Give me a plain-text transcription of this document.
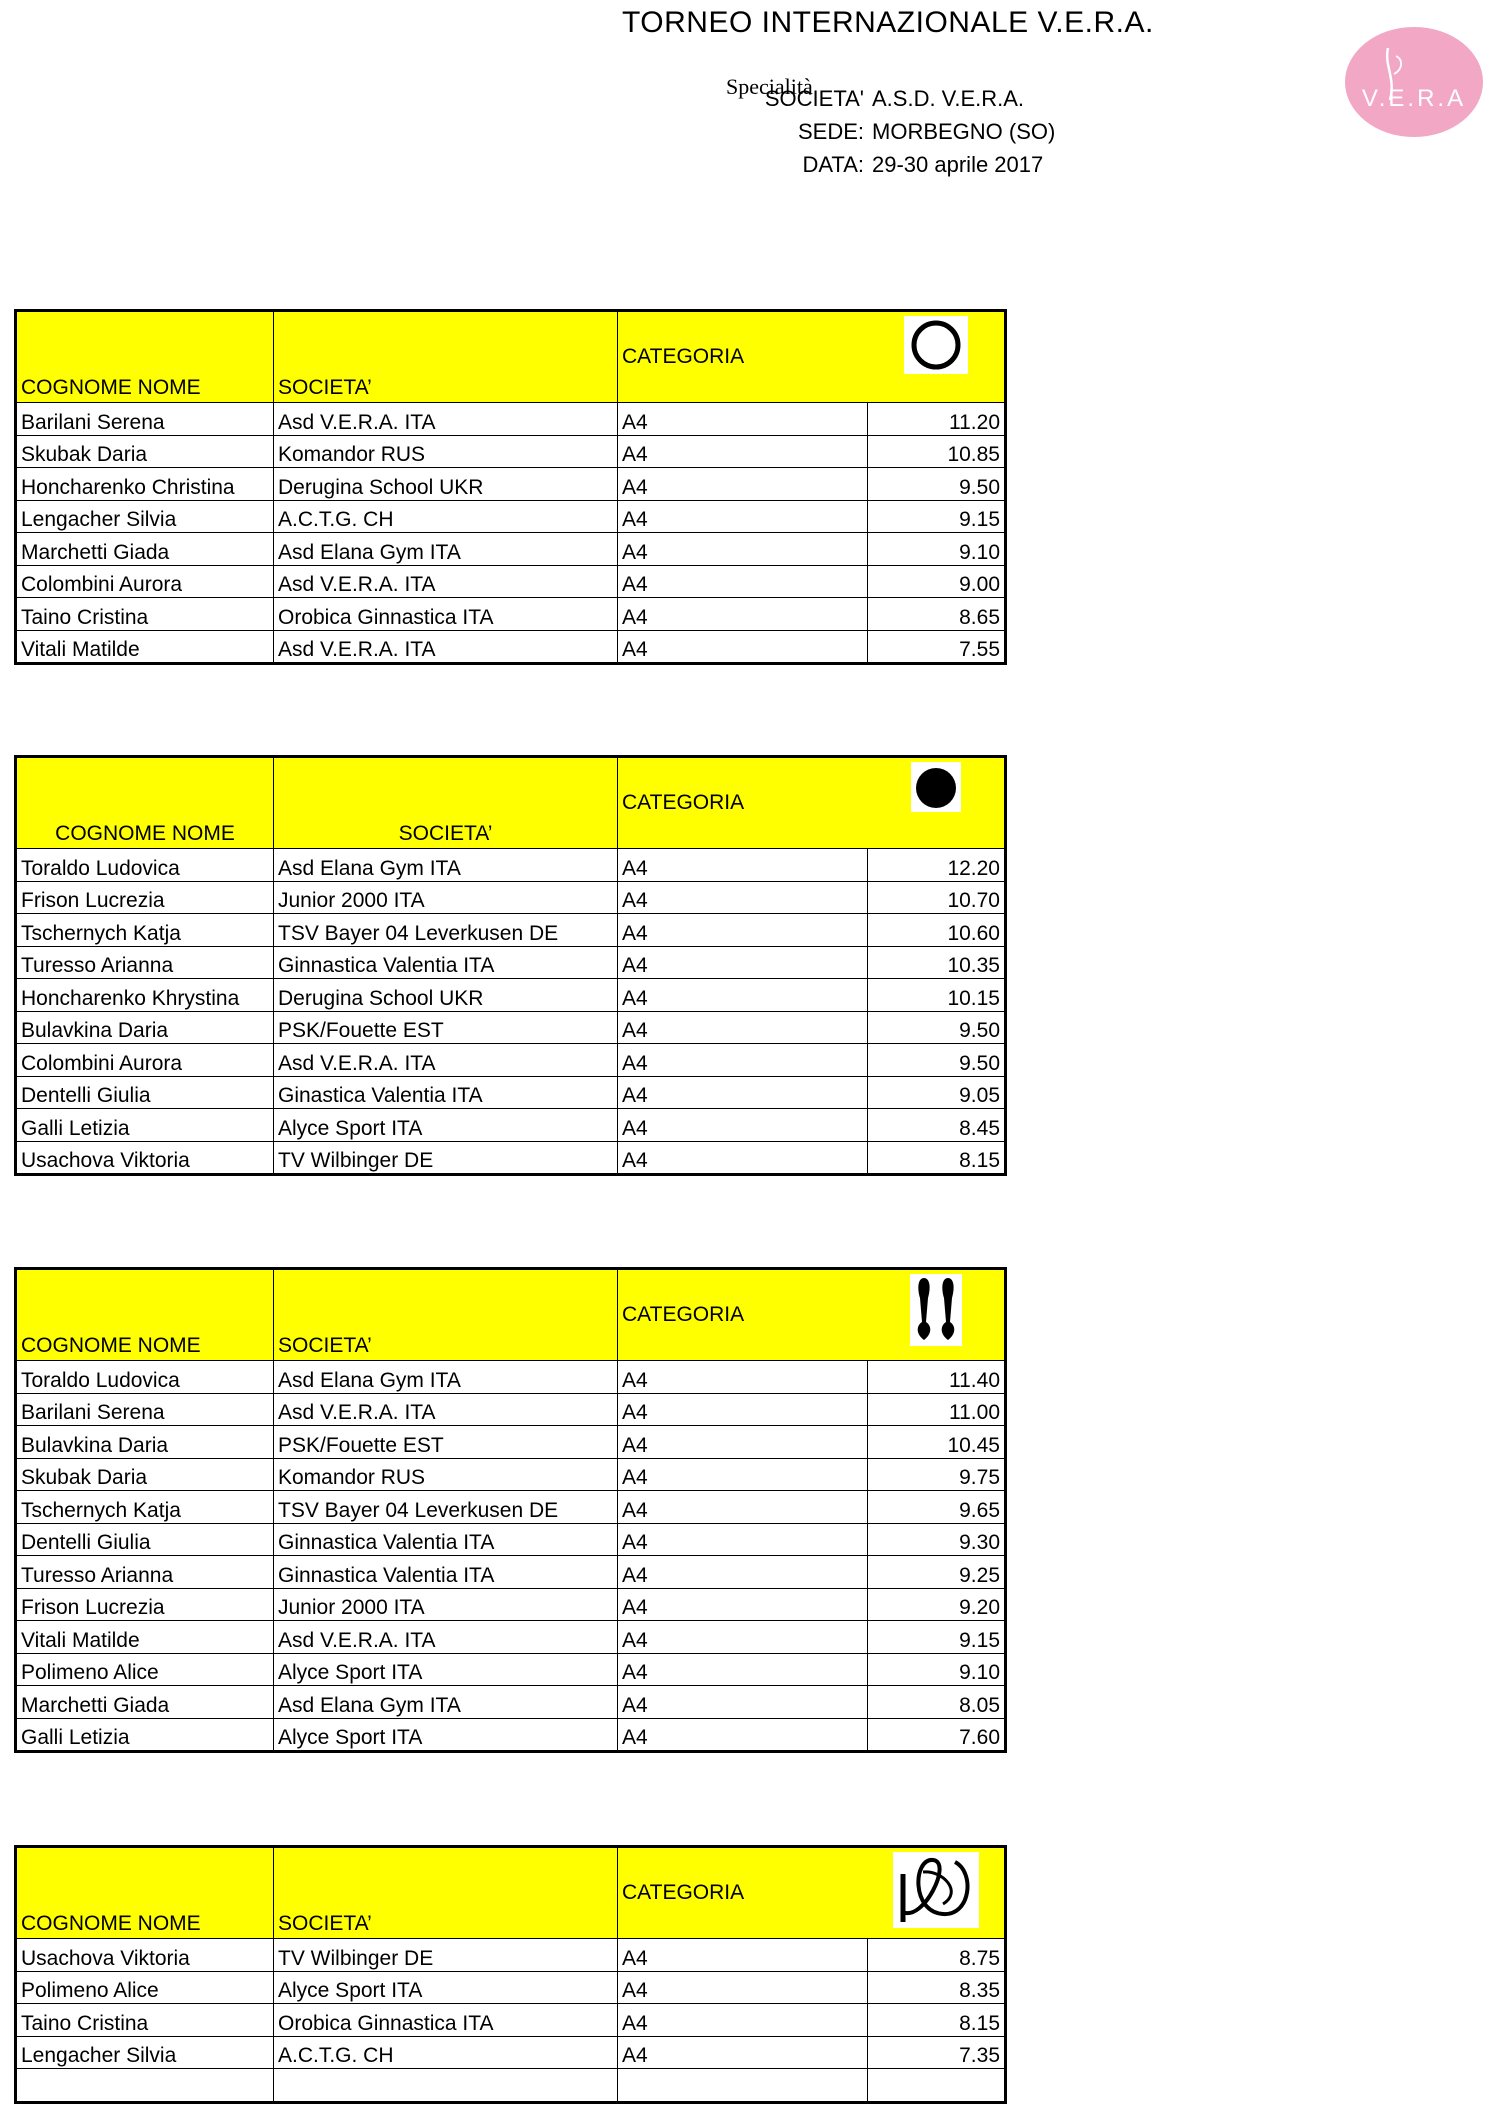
TORNEO INTERNAZIONALE V.E.R.A.
Specialità
SOCIETA' A.S.D. V.E.R.A.
SEDE: MORBEGNO (SO)
DATA: 29-30 aprile 2017
V.E.R.A
COGNOME NOME	SOCIETA’	CATEGORIA	
Barilani Serena	Asd V.E.R.A. ITA	A4	11.20
Skubak Daria	Komandor RUS	A4	10.85
Honcharenko Christina	Derugina School UKR	A4	9.50
Lengacher Silvia	A.C.T.G. CH	A4	9.15
Marchetti Giada	Asd Elana Gym ITA	A4	9.10
Colombini Aurora	Asd V.E.R.A. ITA	A4	9.00
Taino Cristina	Orobica Ginnastica ITA	A4	8.65
Vitali Matilde	Asd V.E.R.A. ITA	A4	7.55
COGNOME NOME	SOCIETA’	CATEGORIA	
Toraldo Ludovica	Asd Elana Gym ITA	A4	12.20
Frison Lucrezia	Junior 2000 ITA	A4	10.70
Tschernych Katja	TSV Bayer 04 Leverkusen DE	A4	10.60
Turesso Arianna	Ginnastica Valentia ITA	A4	10.35
Honcharenko Khrystina	Derugina School UKR	A4	10.15
Bulavkina Daria	PSK/Fouette EST	A4	9.50
Colombini Aurora	Asd V.E.R.A. ITA	A4	9.50
Dentelli Giulia	Ginastica Valentia ITA	A4	9.05
Galli Letizia	Alyce Sport ITA	A4	8.45
Usachova Viktoria	TV Wilbinger DE	A4	8.15
COGNOME NOME	SOCIETA’	CATEGORIA	
Toraldo Ludovica	Asd Elana Gym ITA	A4	11.40
Barilani Serena	Asd V.E.R.A. ITA	A4	11.00
Bulavkina Daria	PSK/Fouette EST	A4	10.45
Skubak Daria	Komandor RUS	A4	9.75
Tschernych Katja	TSV Bayer 04 Leverkusen DE	A4	9.65
Dentelli Giulia	Ginnastica Valentia ITA	A4	9.30
Turesso Arianna	Ginnastica Valentia ITA	A4	9.25
Frison Lucrezia	Junior 2000 ITA	A4	9.20
Vitali Matilde	Asd V.E.R.A. ITA	A4	9.15
Polimeno Alice	Alyce Sport ITA	A4	9.10
Marchetti Giada	Asd Elana Gym ITA	A4	8.05
Galli Letizia	Alyce Sport ITA	A4	7.60
COGNOME NOME	SOCIETA’	CATEGORIA	
Usachova Viktoria	TV Wilbinger DE	A4	8.75
Polimeno Alice	Alyce Sport ITA	A4	8.35
Taino Cristina	Orobica Ginnastica ITA	A4	8.15
Lengacher Silvia	A.C.T.G. CH	A4	7.35
